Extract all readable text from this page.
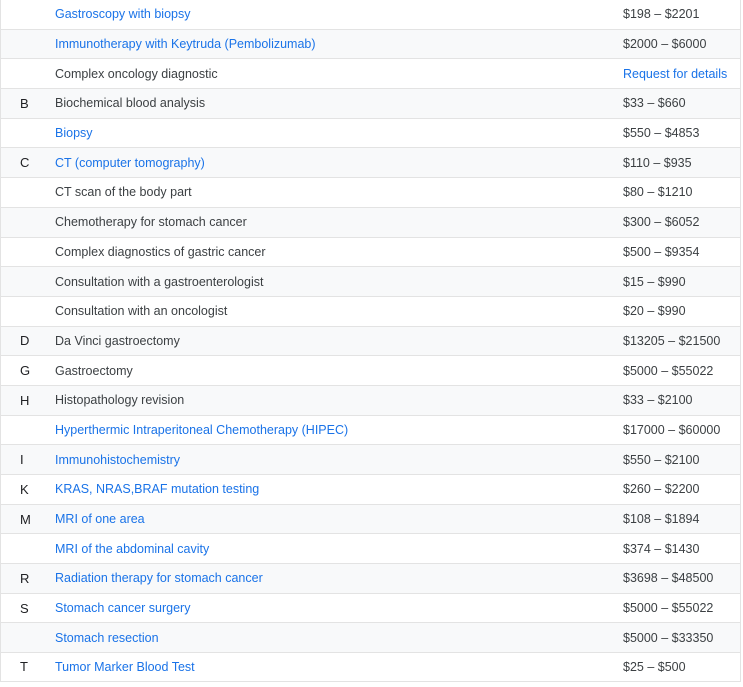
Gastroscopy with biopsy	$198 – $2201
Immunotherapy with Keytruda (Pembolizumab)	$2000 – $6000
Complex oncology diagnostic	Request for details
B	Biochemical blood analysis	$33 – $660
Biopsy	$550 – $4853
C	CT (computer tomography)	$110 – $935
CT scan of the body part	$80 – $1210
Chemotherapy for stomach cancer	$300 – $6052
Complex diagnostics of gastric cancer	$500 – $9354
Consultation with a gastroenterologist	$15 – $990
Consultation with an oncologist	$20 – $990
D	Da Vinci gastroectomy	$13205 – $21500
G	Gastroectomy	$5000 – $55022
H	Histopathology revision	$33 – $2100
Hyperthermic Intraperitoneal Chemotherapy (HIPEC)	$17000 – $60000
I	Immunohistochemistry	$550 – $2100
K	KRAS, NRAS,BRAF mutation testing	$260 – $2200
M	MRI of one area	$108 – $1894
MRI of the abdominal cavity	$374 – $1430
R	Radiation therapy for stomach cancer	$3698 – $48500
S	Stomach cancer surgery	$5000 – $55022
Stomach resection	$5000 – $33350
T	Tumor Marker Blood Test	$25 – $500
